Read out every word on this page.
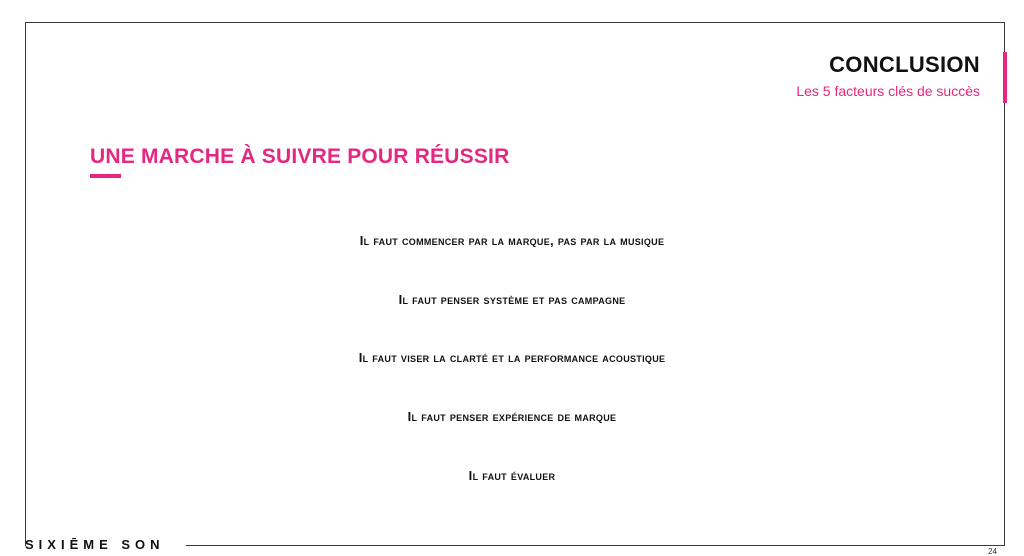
CONCLUSION
Les 5 facteurs clés de succès
UNE MARCHE À SUIVRE POUR RÉUSSIR
Il faut commencer par la marque, pas par la musique
Il faut penser système et pas campagne
Il faut viser la clarté et la performance acoustique
Il faut penser expérience de marque
Il faut évaluer
SIXIĒME SON	24
